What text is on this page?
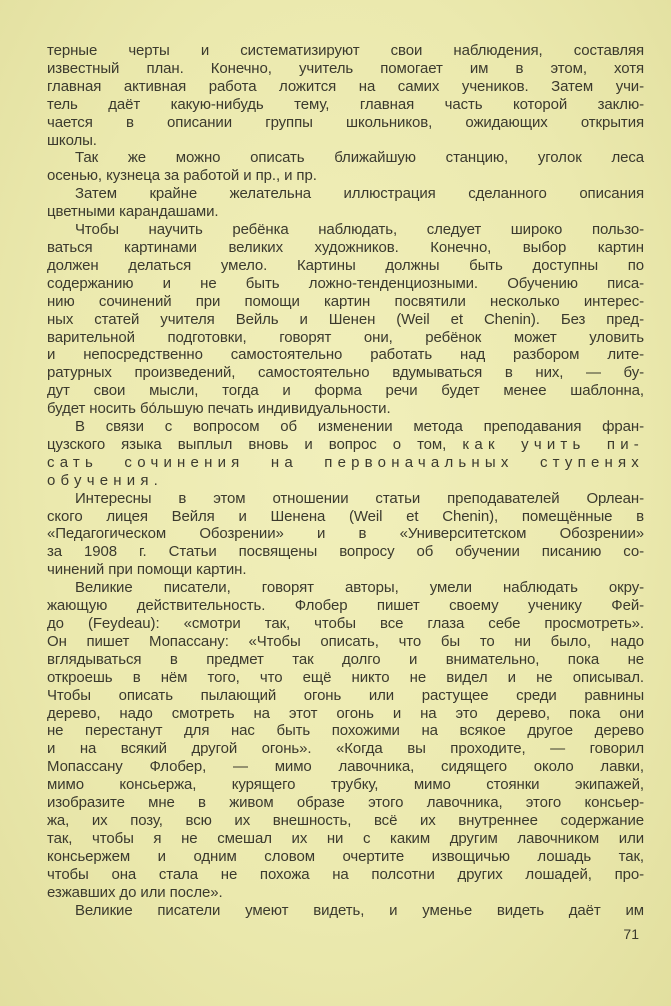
терные черты и систематизируют свои наблюдения, составляя
известный план. Конечно, учитель помогает им в этом, хотя
главная активная работа ложится на самих учеников. Затем учи-
тель даёт какую-нибудь тему, главная часть которой заклю-
чается в описании группы школьников, ожидающих открытия
школы.
Так же можно описать ближайшую станцию, уголок леса
осенью, кузнеца за работой и пр., и пр.
Затем крайне желательна иллюстрация сделанного описания
цветными карандашами.
Чтобы научить ребёнка наблюдать, следует широко пользо-
ваться картинами великих художников. Конечно, выбор картин
должен делаться умело. Картины должны быть доступны по
содержанию и не быть ложно-тенденциозными. Обучению писа-
нию сочинений при помощи картин посвятили несколько интерес-
ных статей учителя Вейль и Шенен (Weil et Chenin). Без пред-
варительной подготовки, говорят они, ребёнок может уловить
и непосредственно самостоятельно работать над разбором лите-
ратурных произведений, самостоятельно вдумываться в них, — бу-
дут свои мысли, тогда и форма речи будет менее шаблонна,
будет носить бо́льшую печать индивидуальности.
В связи с вопросом об изменении метода преподавания фран-
цузского языка выплыл вновь и вопрос о том, как учить пи-
сать сочинения на первоначальных ступенях
обучения.
Интересны в этом отношении статьи преподавателей Орлеан-
ского лицея Вейля и Шенена (Weil et Chenin), помещённые в
«Педагогическом Обозрении» и в «Университетском Обозрении»
за 1908 г. Статьи посвящены вопросу об обучении писанию со-
чинений при помощи картин.
Великие писатели, говорят авторы, умели наблюдать окру-
жающую действительность. Флобер пишет своему ученику Фей-
до (Feydeau): «смотри так, чтобы все глаза себе просмотреть».
Он пишет Мопассану: «Чтобы описать, что бы то ни было, надо
вглядываться в предмет так долго и внимательно, пока не
откроешь в нём того, что ещё никто не видел и не описывал.
Чтобы описать пылающий огонь или растущее среди равнины
дерево, надо смотреть на этот огонь и на это дерево, пока они
не перестанут для нас быть похожими на всякое другое дерево
и на всякий другой огонь». «Когда вы проходите, — говорил
Мопассану Флобер, — мимо лавочника, сидящего около лавки,
мимо консьержа, курящего трубку, мимо стоянки экипажей,
изобразите мне в живом образе этого лавочника, этого консьер-
жа, их позу, всю их внешность, всё их внутреннее содержание
так, чтобы я не смешал их ни с каким другим лавочником или
консьержем и одним словом очертите извощичью лошадь так,
чтобы она стала не похожа на полсотни других лошадей, про-
езжавших до или после».
Великие писатели умеют видеть, и уменье видеть даёт им
71
